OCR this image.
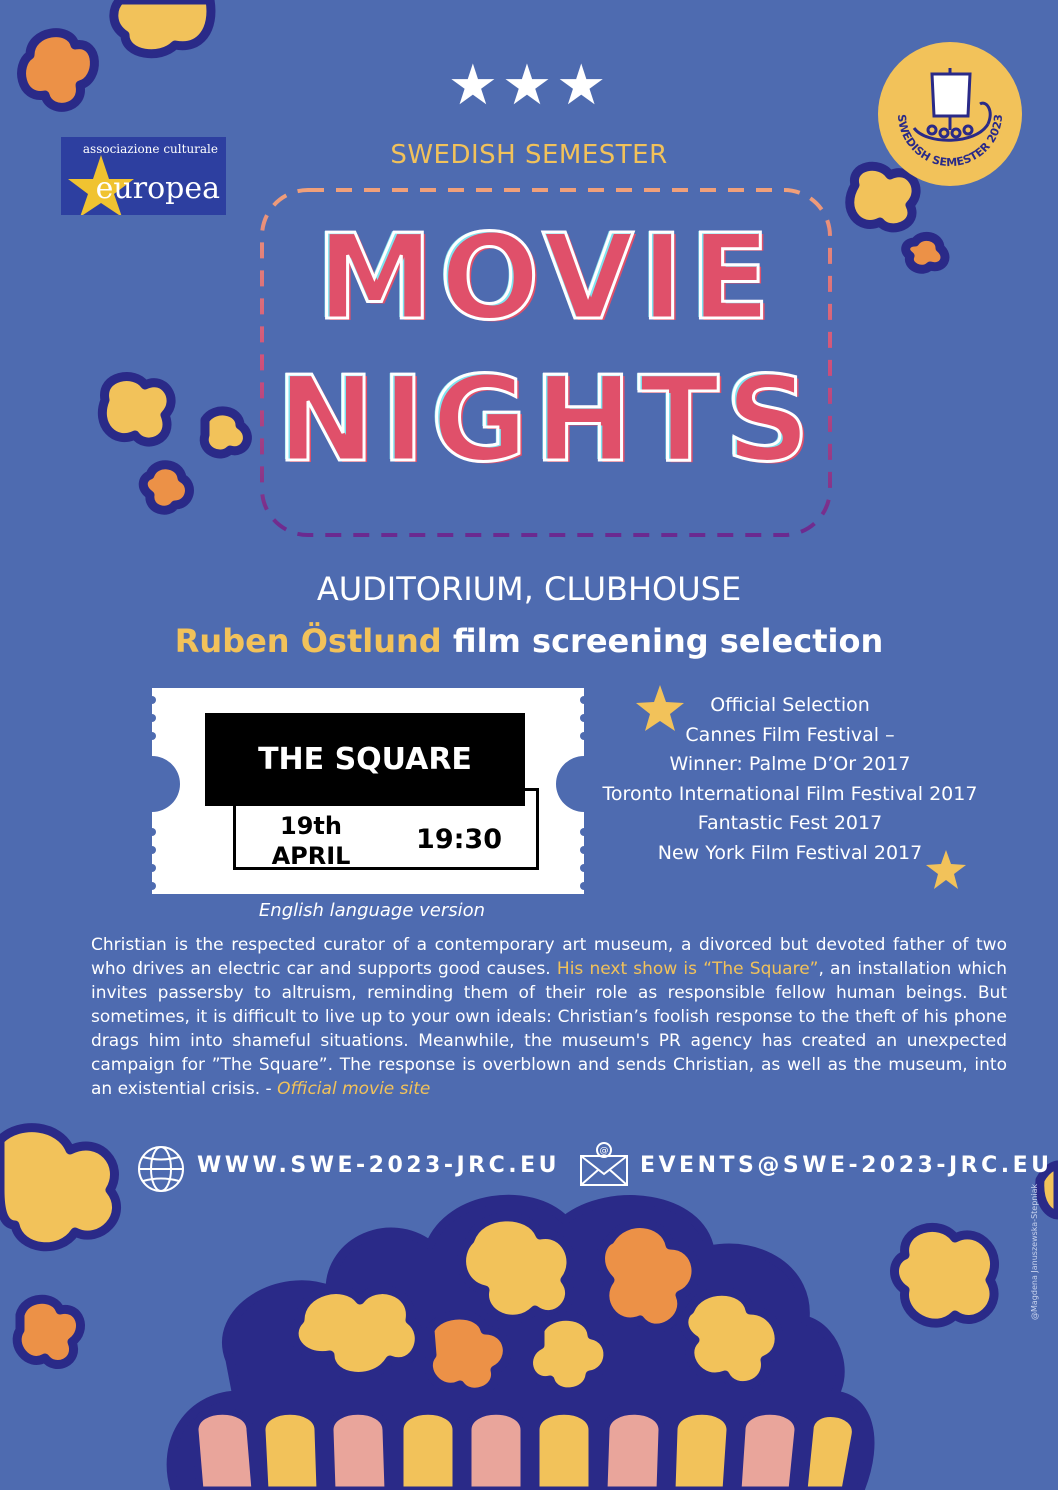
SWEDISH SEMESTER 2023
associazione culturale
europea
★★★
SWEDISH SEMESTER
MOVIE
NIGHTS
AUDITORIUM, CLUBHOUSE
Ruben Östlund film screening selection
19th
APRIL
19:30
THE SQUARE
English language version
Official Selection
Cannes Film Festival –
Winner: Palme D’Or 2017
Toronto International Film Festival 2017
Fantastic Fest 2017
New York Film Festival 2017
Christian is the respected curator of a contemporary art museum, a divorced but devoted father of two who drives an electric car and supports good causes. His next show is “The Square”, an installation which invites passersby to altruism, reminding them of their role as responsible fellow human beings. But sometimes, it is difficult to live up to your own ideals: Christian’s foolish response to the theft of his phone drags him into shameful situations. Meanwhile, the museum's PR agency has created an unexpected campaign for ”The Square”. The response is overblown and sends Christian, as well as the museum, into an existential crisis. - Official movie site
WWW.SWE-2023-JRC.EU
@
EVENTS@SWE-2023-JRC.EU
@Magdena Januszewska-Stepniak
